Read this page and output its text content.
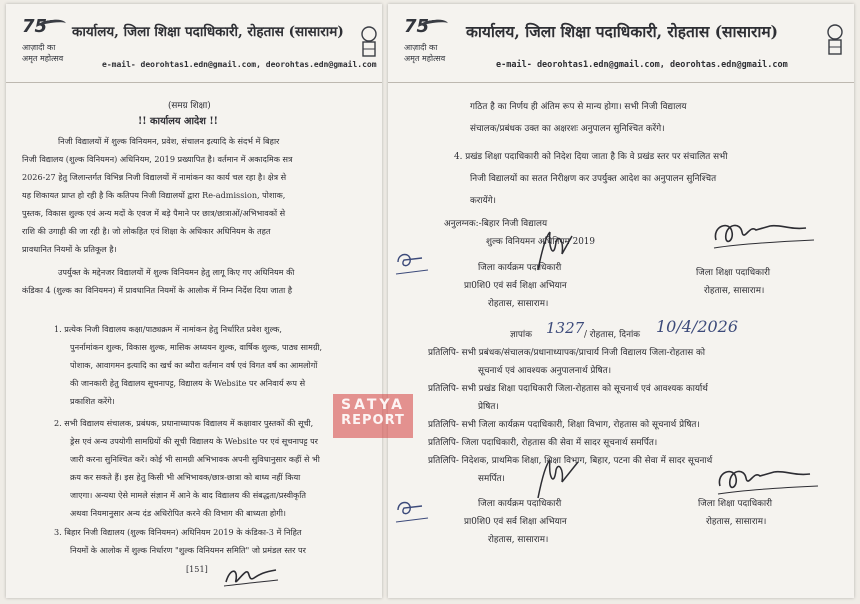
75
आज़ादी का
अमृत महोत्सव
कार्यालय, जिला शिक्षा पदाधिकारी, रोहतास (सासाराम)
e-mail- deorohtas1.edn@gmail.com, deorohtas.edn@gmail.com
(समग्र शिक्षा)
!! कार्यालय आदेश !!
निजी विद्यालयों में शुल्क विनियमन, प्रवेश, संचालन इत्यादि के संदर्भ में बिहार
निजी विद्यालय (शुल्क विनियमन) अधिनियम, 2019 प्रख्यापित है। वर्तमान में अकादमिक सत्र
2026-27 हेतु जिलान्तर्गत विभिन्न निजी विद्यालयों में नामांकन का कार्य चल रहा है। क्षेत्र से
यह शिकायत प्राप्त हो रही है कि कतिपय निजी विद्यालयों द्वारा Re-admission, पोशाक,
पुस्तक, विकास शुल्क एवं अन्य मदों के एवज में बड़े पैमाने पर छात्र/छात्राओं/अभिभावकों से
राशि की उगाही की जा रही है। जो लोकहित एवं शिक्षा के अधिकार अधिनियम के तहत
प्रावधानित नियमों के प्रतिकूल है।
उपर्युक्त के मद्देनजर विद्यालयों में शुल्क विनियमन हेतु लागू किए गए अधिनियम की
कंडिका 4 (शुल्क का विनियमन) में प्रावधानित नियमों के आलोक में निम्न निर्देश दिया जाता है
1. प्रत्येक निजी विद्यालय कक्षा/पाठ्यक्रम में नामांकन हेतु निर्धारित प्रवेश शुल्क,
पुनर्नामांकन शुल्क, विकास शुल्क, मासिक अध्ययन शुल्क, वार्षिक शुल्क, पाठ्य सामग्री,
पोशाक, आवागमन इत्यादि का खर्च का ब्यौरा वर्तमान वर्ष एवं विगत वर्ष का आमलोगों
की जानकारी हेतु विद्यालय सूचनापट्ट, विद्यालय के Website पर अनिवार्य रूप से
प्रकाशित करेंगे।
2. सभी विद्यालय संचालक, प्रबंधक, प्रधानाध्यापक विद्यालय में कक्षावार पुस्तकों की सूची,
ड्रेस एवं अन्य उपयोगी सामग्रियों की सूची विद्यालय के Website पर एवं सूचनापट्ट पर
जारी करना सुनिश्चित करें। कोई भी सामग्री अभिभावक अपनी सुविधानुसार कहीं से भी
क्रय कर सकते हैं। इस हेतु किसी भी अभिभावक/छात्र-छात्रा को बाध्य नहीं किया
जाएगा। अन्यथा ऐसे मामले संज्ञान में आने के बाद विद्यालय की संबद्धता/प्रस्वीकृति
अथवा नियमानुसार अन्य दंड अधिरोपित करने की विभाग की बाध्यता होगी।
3. बिहार निजी विद्यालय (शुल्क विनियमन) अधिनियम 2019 के कंडिका-3 में निहित
नियमों के आलोक में शुल्क निर्धारण "शुल्क विनियमन समिति" जो प्रमंडल स्तर पर
[151]
75
आज़ादी का
अमृत महोत्सव
कार्यालय, जिला शिक्षा पदाधिकारी, रोहतास (सासाराम)
e-mail- deorohtas1.edn@gmail.com, deorohtas.edn@gmail.com
गठित है का निर्णय ही अंतिम रूप से मान्य होगा। सभी निजी विद्यालय
संचालक/प्रबंधक उक्त का अक्षरशः अनुपालन सुनिश्चित करेंगे।
4. प्रखंड शिक्षा पदाधिकारी को निदेश दिया जाता है कि वे प्रखंड स्तर पर संचालित सभी
निजी विद्यालयों का सतत निरीक्षण कर उपर्युक्त आदेश का अनुपालन सुनिश्चित
करायेंगे।
अनुलग्नक:-बिहार निजी विद्यालय
शुल्क विनियमन अधिनियम 2019
जिला कार्यक्रम पदाधिकारी
प्रा0शि0 एवं सर्व शिक्षा अभियान
रोहतास, सासाराम।
जिला शिक्षा पदाधिकारी
रोहतास, सासाराम।
ज्ञापांक 1327 / रोहतास, दिनांक 10/4/2026
प्रतिलिपि- सभी प्रबंधक/संचालक/प्रधानाध्यापक/प्राचार्य निजी विद्यालय जिला-रोहतास को
सूचनार्थ एवं आवश्यक अनुपालनार्थ प्रेषित।
प्रतिलिपि- सभी प्रखंड शिक्षा पदाधिकारी जिला-रोहतास को सूचनार्थ एवं आवश्यक कार्यार्थ
प्रेषित।
प्रतिलिपि- सभी जिला कार्यक्रम पदाधिकारी, शिक्षा विभाग, रोहतास को सूचनार्थ प्रेषित।
प्रतिलिपि- जिला पदाधिकारी, रोहतास की सेवा में सादर सूचनार्थ समर्पित।
प्रतिलिपि- निदेशक, प्राथमिक शिक्षा, शिक्षा विभाग, बिहार, पटना की सेवा में सादर सूचनार्थ
समर्पित।
जिला कार्यक्रम पदाधिकारी
प्रा0शि0 एवं सर्व शिक्षा अभियान
रोहतास, सासाराम।
जिला शिक्षा पदाधिकारी
रोहतास, सासाराम।
SATYA
REPORT
